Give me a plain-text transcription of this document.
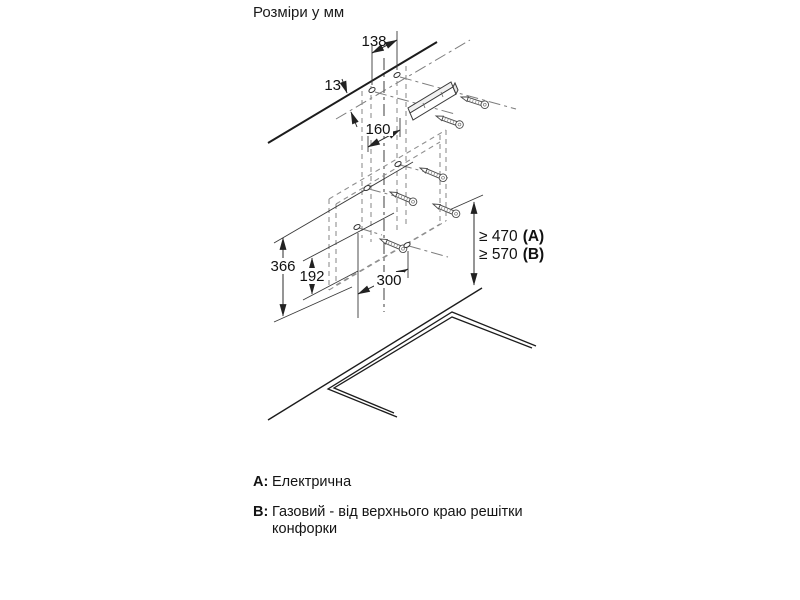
Розміри у мм
138
13
160
366
192	300
≥ 470 (A)
≥ 570 (B)
A: Електрична
B: Газовий - від верхнього краю решітки конфорки
